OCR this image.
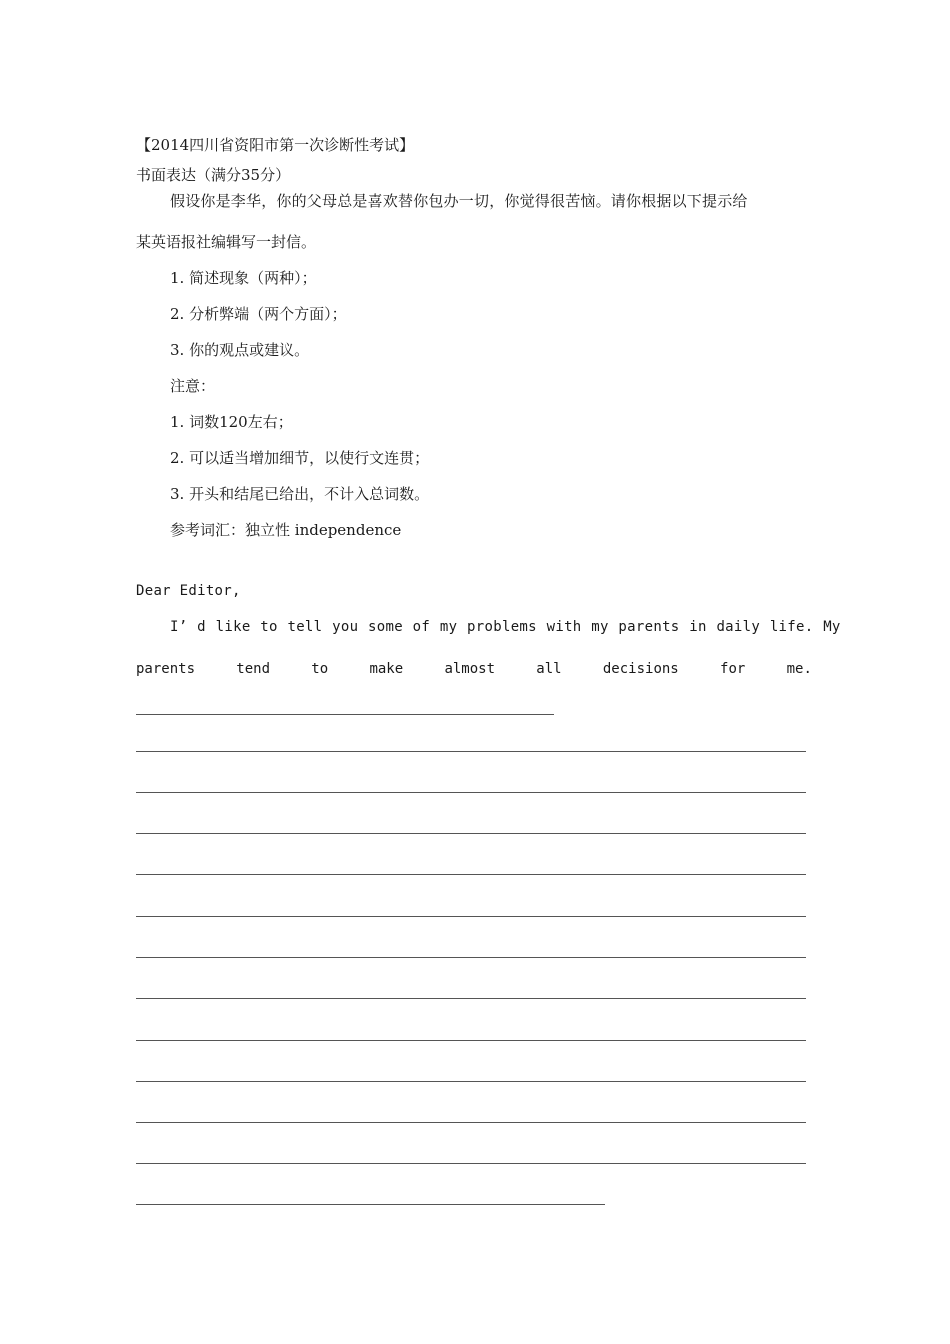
【2014四川省资阳市第一次诊断性考试】
书面表达（满分35分）
假设你是李华，你的父母总是喜欢替你包办一切，你觉得很苦恼。请你根据以下提示给
某英语报社编辑写一封信。
1. 简述现象（两种）；
2. 分析弊端（两个方面）；
3. 你的观点或建议。
注意：
1. 词数120左右；
2. 可以适当增加细节，以使行文连贯；
3. 开头和结尾已给出，不计入总词数。
参考词汇：独立性 independence
Dear Editor,
I’ d like to tell you some of my problems with my parents in daily life. My
parents	tend	to	make	almost	all	decisions	for	me.
